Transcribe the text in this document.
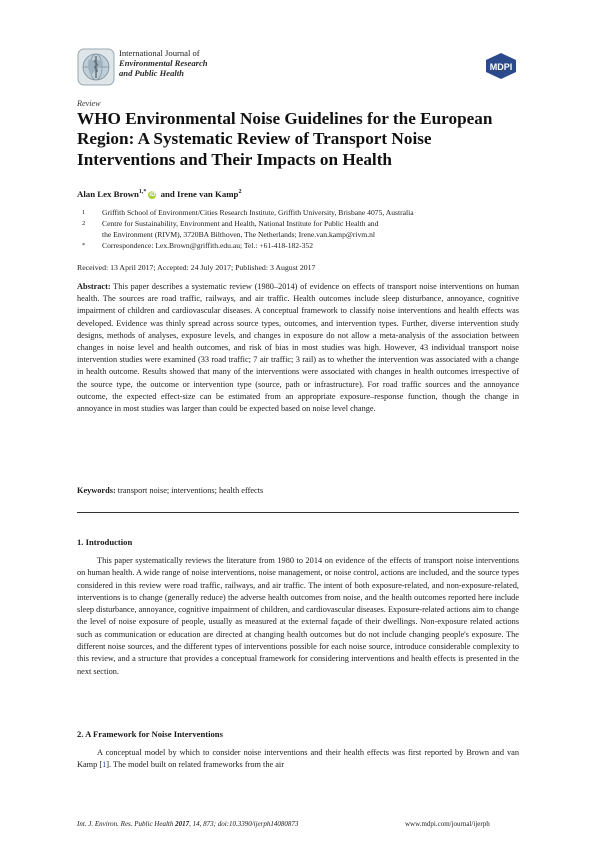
International Journal of
Environmental Research
and Public Health
MDPI
Review
WHO Environmental Noise Guidelines for the European Region: A Systematic Review of Transport Noise Interventions and Their Impacts on Health
Alan Lex Brown$^{1,*}$ iD and Irene van Kamp$^2$
1	Griffith School of Environment/Cities Research Institute, Griffith University, Brisbane 4075, Australia
2	Centre for Sustainability, Environment and Health, National Institute for Public Health and
the Environment (RIVM), 3720BA Bilthoven, The Netherlands; Irene.van.kamp@rivm.nl
*	Correspondence: Lex.Brown@griffith.edu.au; Tel.: +61-418-182-352
Received: 13 April 2017; Accepted: 24 July 2017; Published: 3 August 2017
Abstract: This paper describes a systematic review (1980–2014) of evidence on effects of transport noise interventions on human health. The sources are road traffic, railways, and air traffic. Health outcomes include sleep disturbance, annoyance, cognitive impairment of children and cardiovascular diseases. A conceptual framework to classify noise interventions and health effects was developed. Evidence was thinly spread across source types, outcomes, and intervention types. Further, diverse intervention study designs, methods of analyses, exposure levels, and changes in exposure do not allow a meta-analysis of the association between changes in noise level and health outcomes, and risk of bias in most studies was high. However, 43 individual transport noise intervention studies were examined (33 road traffic; 7 air traffic; 3 rail) as to whether the intervention was associated with a change in health outcome. Results showed that many of the interventions were associated with changes in health outcomes irrespective of the source type, the outcome or intervention type (source, path or infrastructure). For road traffic sources and the annoyance outcome, the expected effect-size can be estimated from an appropriate exposure–response function, though the change in annoyance in most studies was larger than could be expected based on noise level change.
Keywords: transport noise; interventions; health effects
1. Introduction
This paper systematically reviews the literature from 1980 to 2014 on evidence of the effects of transport noise interventions on human health. A wide range of noise interventions, noise management, or noise control, actions are included, and the source types considered in this review were road traffic, railways, and air traffic. The intent of both exposure-related, and non-exposure-related, interventions is to change (generally reduce) the adverse health outcomes from noise, and the health outcomes reported here include sleep disturbance, annoyance, cognitive impairment of children, and cardiovascular diseases. Exposure-related actions aim to change the level of noise exposure of people, usually as measured at the external façade of their dwellings. Non-exposure related actions such as communication or education are directed at changing health outcomes but do not include changing people's exposure. The different noise sources, and the different types of interventions possible for each noise source, introduce considerable complexity to this review, and a structure that provides a conceptual framework for considering interventions and health effects is presented in the next section.
2. A Framework for Noise Interventions
A conceptual model by which to consider noise interventions and their health effects was first reported by Brown and van Kamp [1]. The model built on related frameworks from the air
Int. J. Environ. Res. Public Health 2017, 14, 873; doi:10.3390/ijerph14080873	www.mdpi.com/journal/ijerph
